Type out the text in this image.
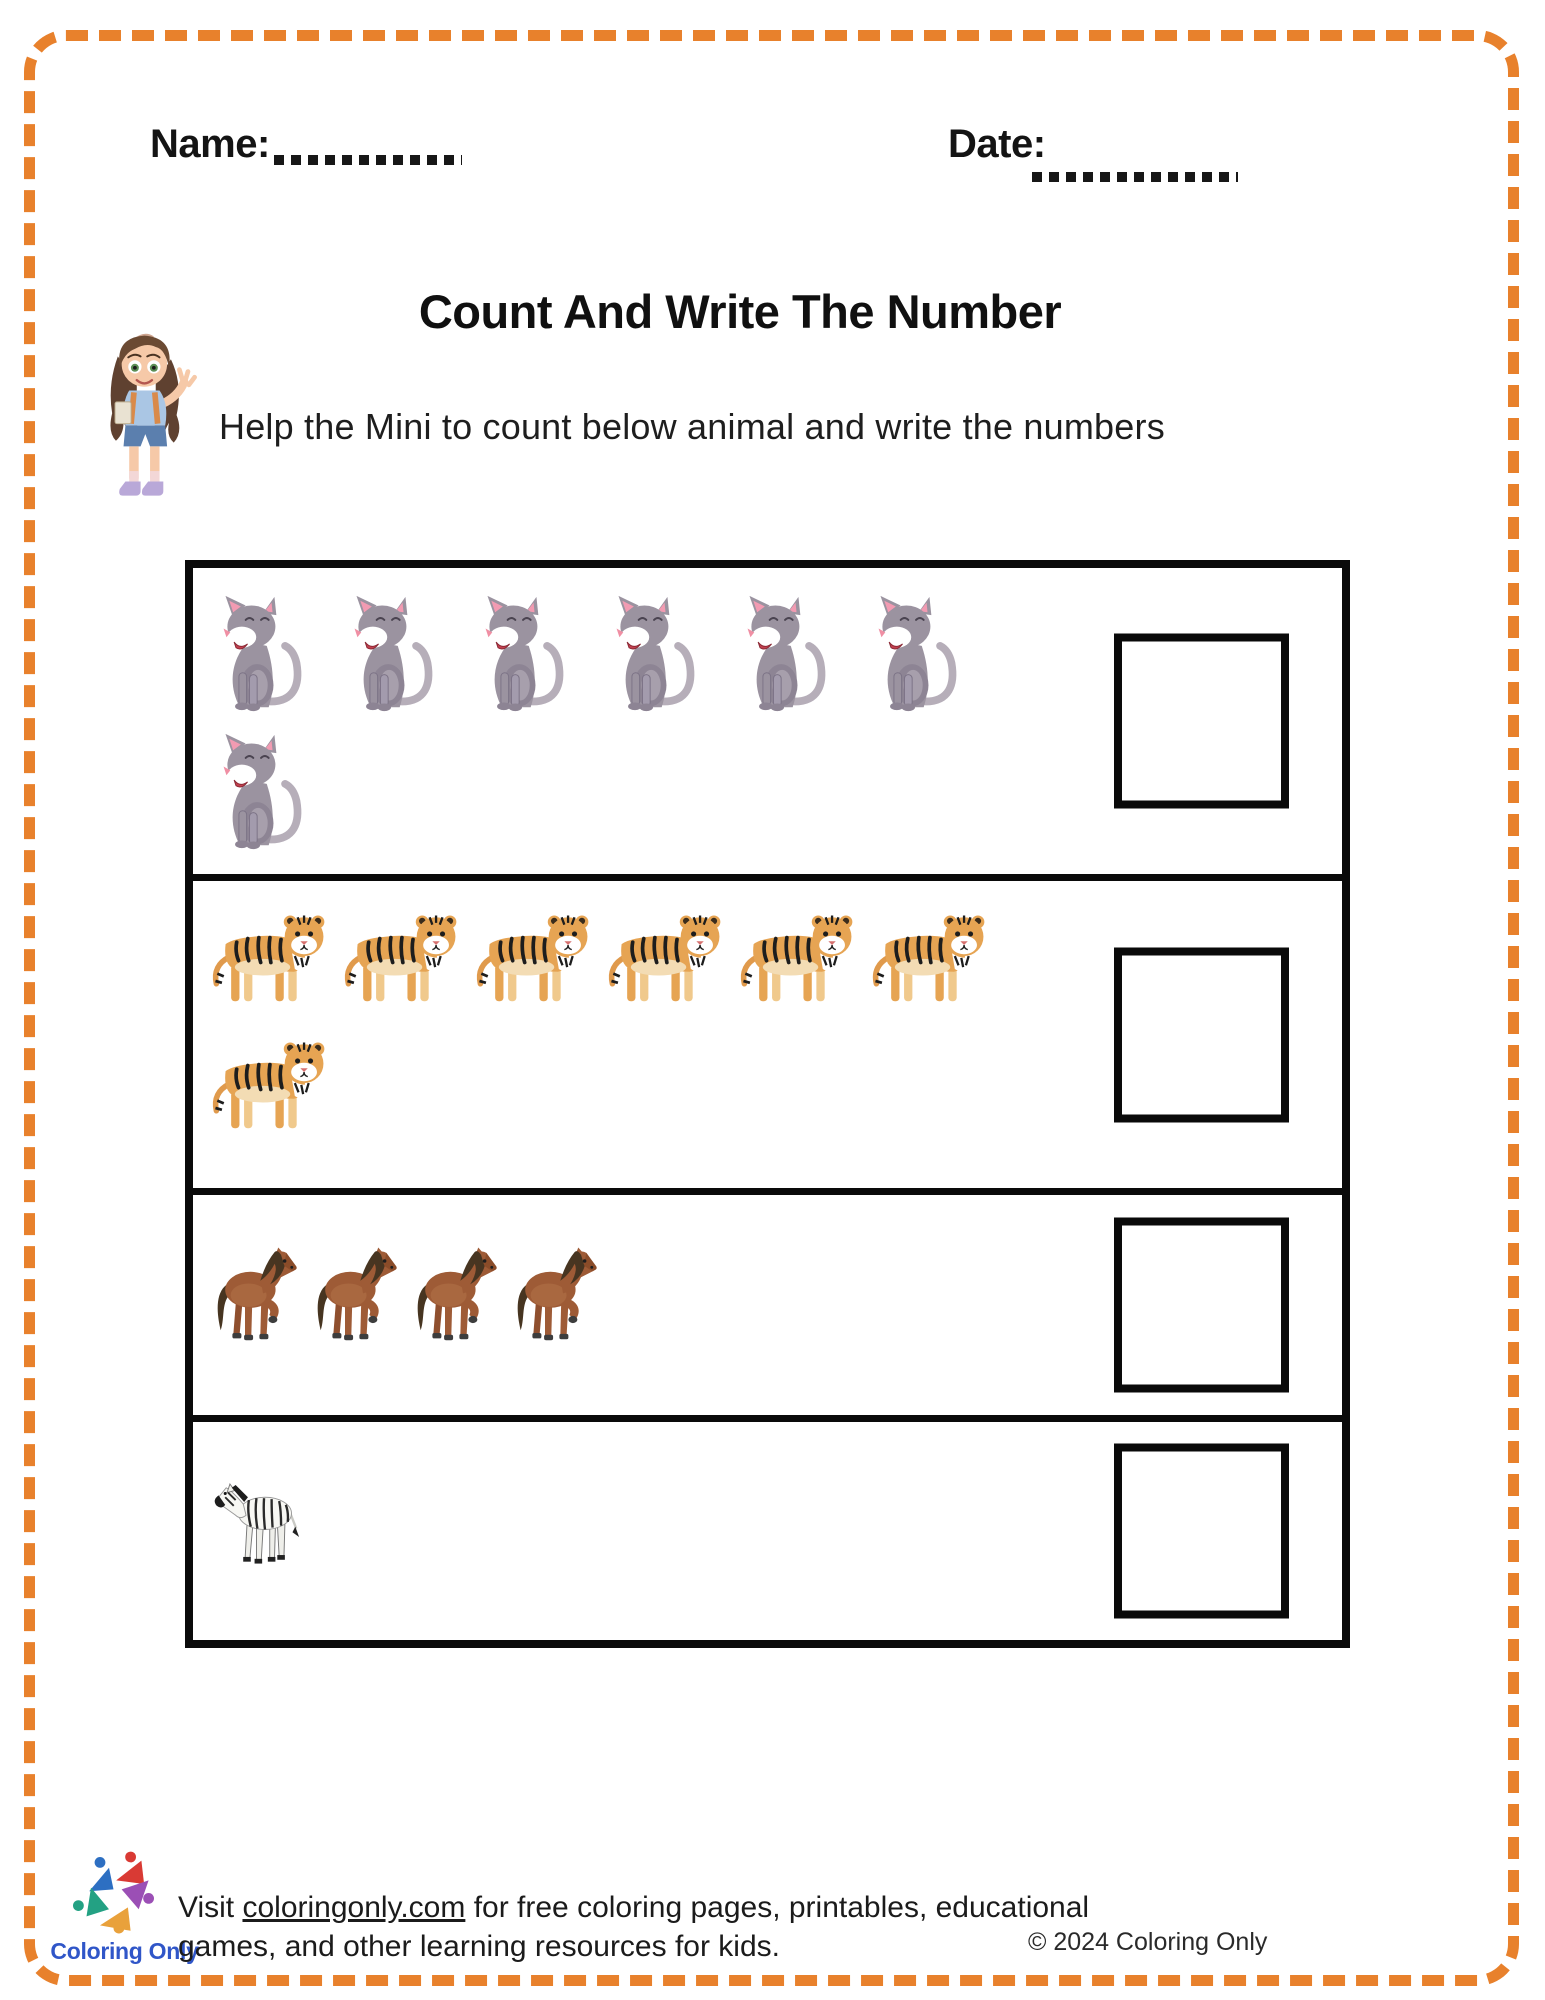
Name:	Date:
Count And Write The Number
Help the Mini to count below animal and write the numbers
Coloring Only
Visit coloringonly.com for free coloring pages, printables, educational games, and other learning resources for kids.	© 2024 Coloring Only
